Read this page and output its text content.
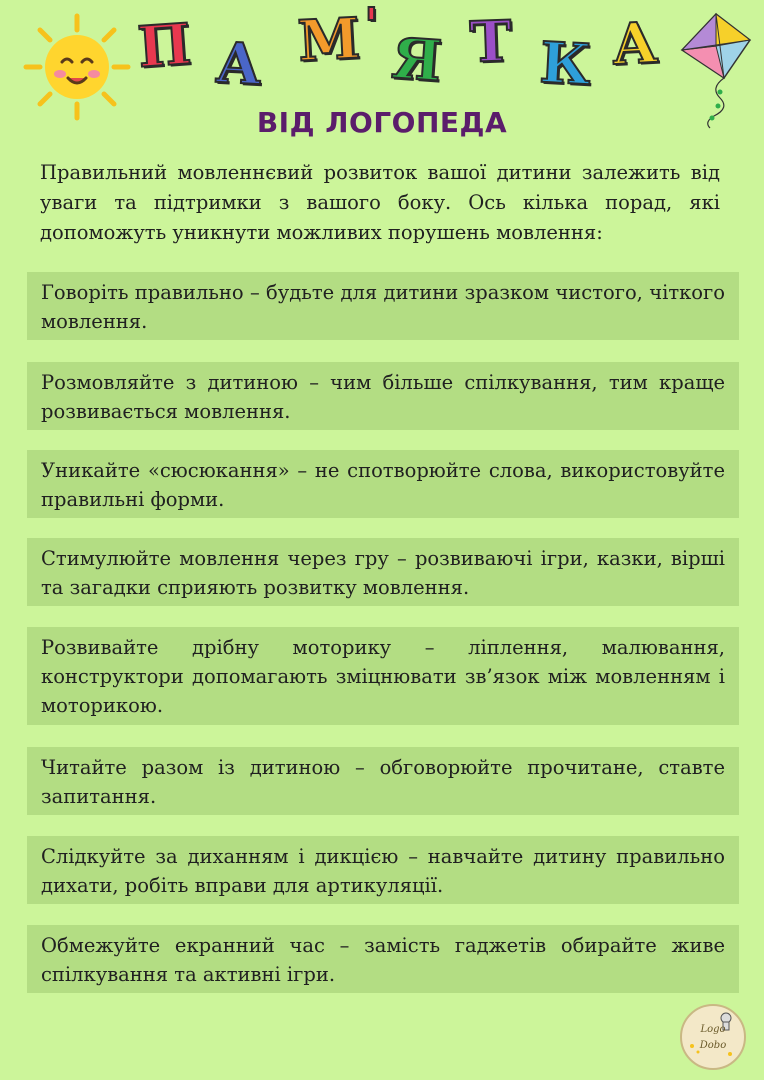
П А М ' Я Т К А
ВІД ЛОГОПЕДА
Правильний мовленнєвий розвиток вашої дитини залежить від уваги та підтримки з вашого боку. Ось кілька порад, які допоможуть уникнути можливих порушень мовлення:
Говоріть правильно – будьте для дитини зразком чистого, чіткого мовлення.
Розмовляйте з дитиною – чим більше спілкування, тим краще розвивається мовлення.
Уникайте «сюсюкання» – не спотворюйте слова, використовуйте правильні форми.
Стимулюйте мовлення через гру – розвиваючі ігри, казки, вірші та загадки сприяють розвитку мовлення.
Розвивайте дрібну моторику – ліплення, малювання, конструктори допомагають зміцнювати зв’язок між мовленням і моторикою.
Читайте разом із дитиною – обговорюйте прочитане, ставте запитання.
Слідкуйте за диханням і дикцією – навчайте дитину правильно дихати, робіть вправи для артикуляції.
Обмежуйте екранний час – замість гаджетів обирайте живе спілкування та активні ігри.
Logo
Dobo
